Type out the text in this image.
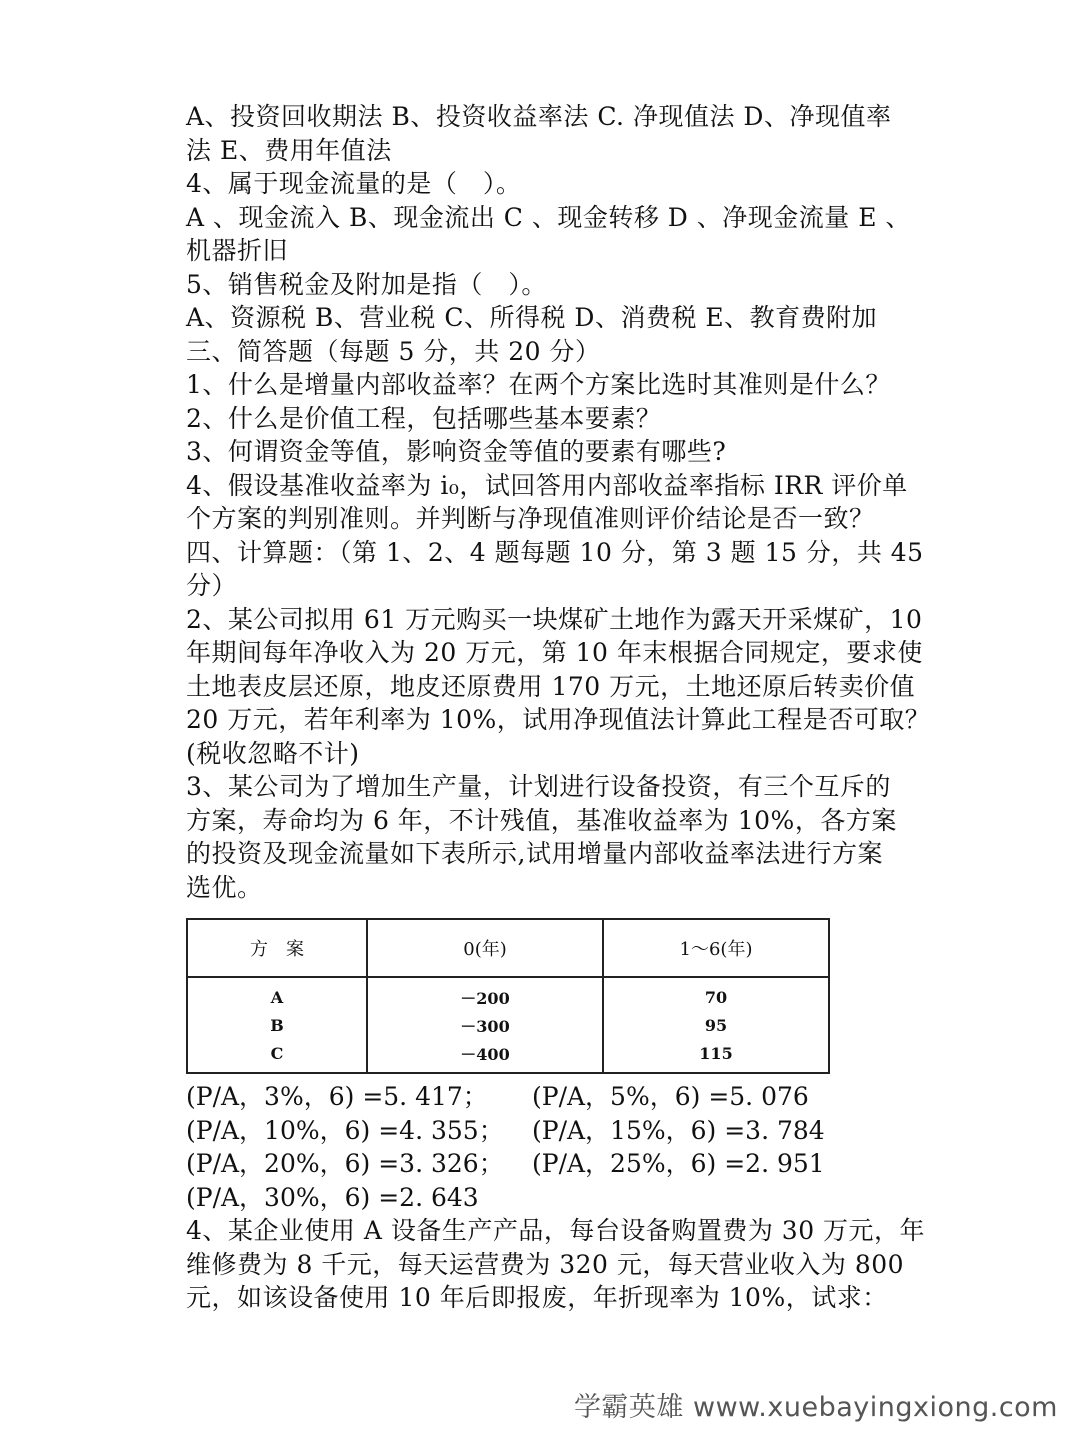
A、投资回收期法 B、投资收益率法 C. 净现值法 D、净现值率
法 E、费用年值法
4、属于现金流量的是（　）。
A 、现金流入 B、现金流出 C 、现金转移 D 、净现金流量 E 、
机器折旧
5、销售税金及附加是指（　）。
A、资源税 B、营业税 C、所得税 D、消费税 E、教育费附加
三、简答题（每题 5 分，共 20 分）
1、什么是增量内部收益率？在两个方案比选时其准则是什么？
2、什么是价值工程，包括哪些基本要素？
3、何谓资金等值，影响资金等值的要素有哪些?
4、假设基准收益率为 i₀，试回答用内部收益率指标 IRR 评价单
个方案的判别准则。并判断与净现值准则评价结论是否一致？
四、计算题：（第 1、2、4 题每题 10 分，第 3 题 15 分，共 45
分）
2、某公司拟用 61 万元购买一块煤矿土地作为露天开采煤矿，10
年期间每年净收入为 20 万元，第 10 年末根据合同规定，要求使
土地表皮层还原，地皮还原费用 170 万元，土地还原后转卖价值
20 万元，若年利率为 10%，试用净现值法计算此工程是否可取？
(税收忽略不计)
3、某公司为了增加生产量，计划进行设备投资，有三个互斥的
方案，寿命均为 6 年，不计残值，基准收益率为 10%，各方案
的投资及现金流量如下表所示,试用增量内部收益率法进行方案
选优。
方　案	0(年)	1～6(年)
A	－200	70
B	－300	95
C	－400	115
(P/A，3%，6) =5. 417；	(P/A，5%，6) =5. 076
(P/A，10%，6) =4. 355；	(P/A，15%，6) =3. 784
(P/A，20%，6) =3. 326；	(P/A，25%，6) =2. 951
(P/A，30%，6) =2. 643
4、某企业使用 A 设备生产产品，每台设备购置费为 30 万元，年
维修费为 8 千元，每天运营费为 320 元，每天营业收入为 800
元，如该设备使用 10 年后即报废，年折现率为 10%，试求：
学霸英雄 www.xuebayingxiong.com
